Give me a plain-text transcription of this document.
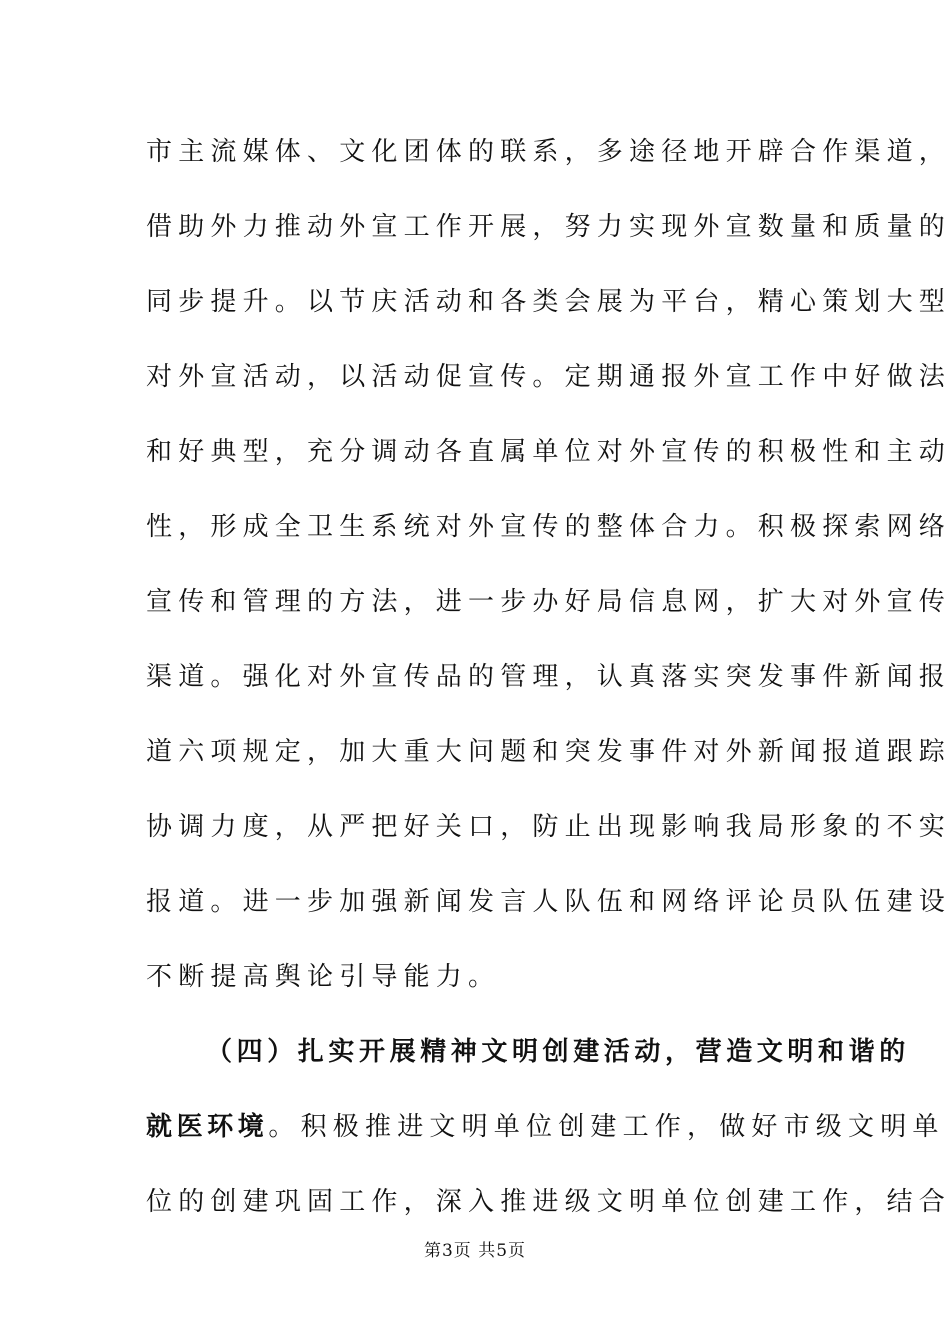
市主流媒体、文化团体的联系，多途径地开辟合作渠道，
借助外力推动外宣工作开展，努力实现外宣数量和质量的
同步提升。以节庆活动和各类会展为平台，精心策划大型
对外宣活动，以活动促宣传。定期通报外宣工作中好做法
和好典型，充分调动各直属单位对外宣传的积极性和主动
性，形成全卫生系统对外宣传的整体合力。积极探索网络
宣传和管理的方法，进一步办好局信息网，扩大对外宣传
渠道。强化对外宣传品的管理，认真落实突发事件新闻报
道六项规定，加大重大问题和突发事件对外新闻报道跟踪
协调力度，从严把好关口，防止出现影响我局形象的不实
报道。进一步加强新闻发言人队伍和网络评论员队伍建设
不断提高舆论引导能力。
（四）扎实开展精神文明创建活动，营造文明和谐的
就医环境。积极推进文明单位创建工作，做好市级文明单
位的创建巩固工作，深入推进级文明单位创建工作，结合
第3页 共5页
